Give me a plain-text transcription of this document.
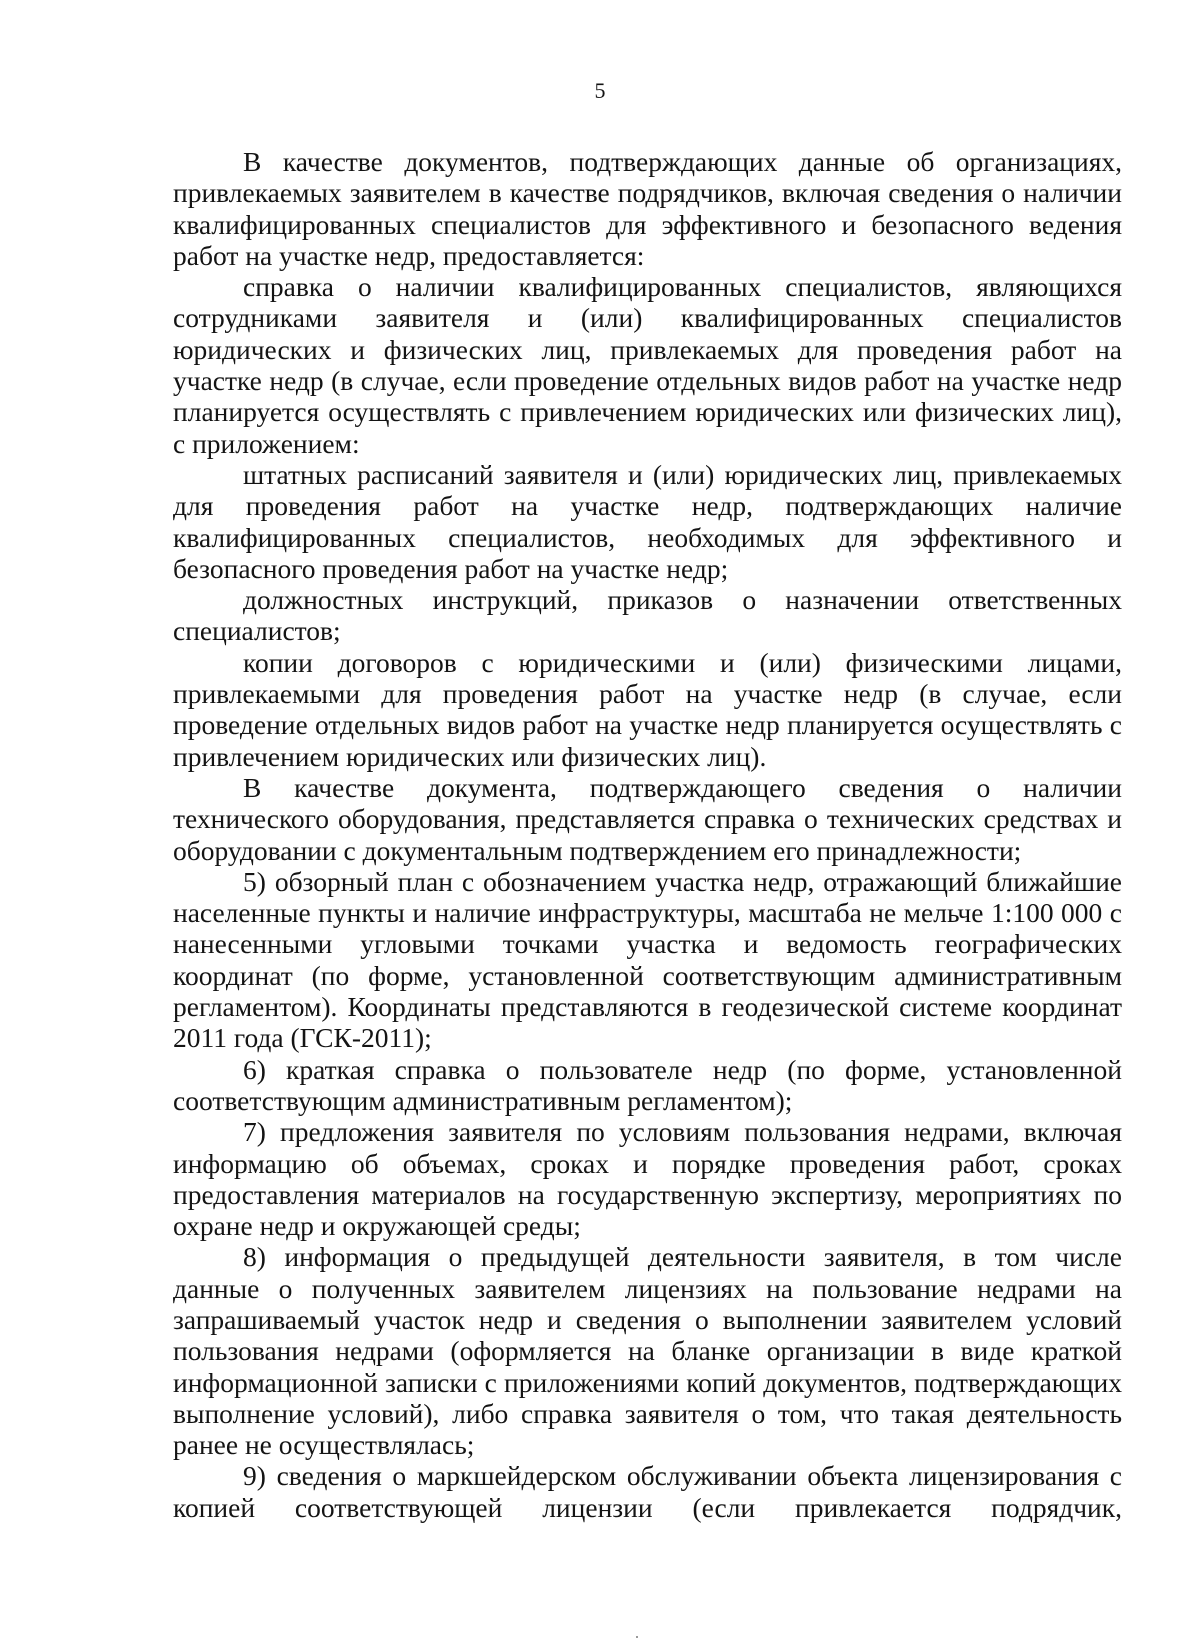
5

В качестве документов, подтверждающих данные об организациях, привлекаемых заявителем в качестве подрядчиков, включая сведения о наличии квалифицированных специалистов для эффективного и безопасного ведения работ на участке недр, предоставляется:

справка о наличии квалифицированных специалистов, являющихся сотрудниками заявителя и (или) квалифицированных специалистов юридических и физических лиц, привлекаемых для проведения работ на участке недр (в случае, если проведение отдельных видов работ на участке недр планируется осуществлять с привлечением юридических или физических лиц), с приложением:

штатных расписаний заявителя и (или) юридических лиц, привлекаемых для проведения работ на участке недр, подтверждающих наличие квалифицированных специалистов, необходимых для эффективного и безопасного проведения работ на участке недр;

должностных инструкций, приказов о назначении ответственных специалистов;

копии договоров с юридическими и (или) физическими лицами, привлекаемыми для проведения работ на участке недр (в случае, если проведение отдельных видов работ на участке недр планируется осуществлять с привлечением юридических или физических лиц).

В качестве документа, подтверждающего сведения о наличии технического оборудования, представляется справка о технических средствах и оборудовании с документальным подтверждением его принадлежности;

5) обзорный план с обозначением участка недр, отражающий ближайшие населенные пункты и наличие инфраструктуры, масштаба не мельче 1:100 000 с нанесенными угловыми точками участка и ведомость географических координат (по форме, установленной соответствующим административным регламентом). Координаты представляются в геодезической системе координат 2011 года (ГСК-2011);

6) краткая справка о пользователе недр (по форме, установленной соответствующим административным регламентом);

7) предложения заявителя по условиям пользования недрами, включая информацию об объемах, сроках и порядке проведения работ, сроках предоставления материалов на государственную экспертизу, мероприятиях по охране недр и окружающей среды;

8) информация о предыдущей деятельности заявителя, в том числе данные о полученных заявителем лицензиях на пользование недрами на запрашиваемый участок недр и сведения о выполнении заявителем условий пользования недрами (оформляется на бланке организации в виде краткой информационной записки с приложениями копий документов, подтверждающих выполнение условий), либо справка заявителя о том, что такая деятельность ранее не осуществлялась;

9) сведения о маркшейдерском обслуживании объекта лицензирования с копией соответствующей лицензии (если привлекается подрядчик,
